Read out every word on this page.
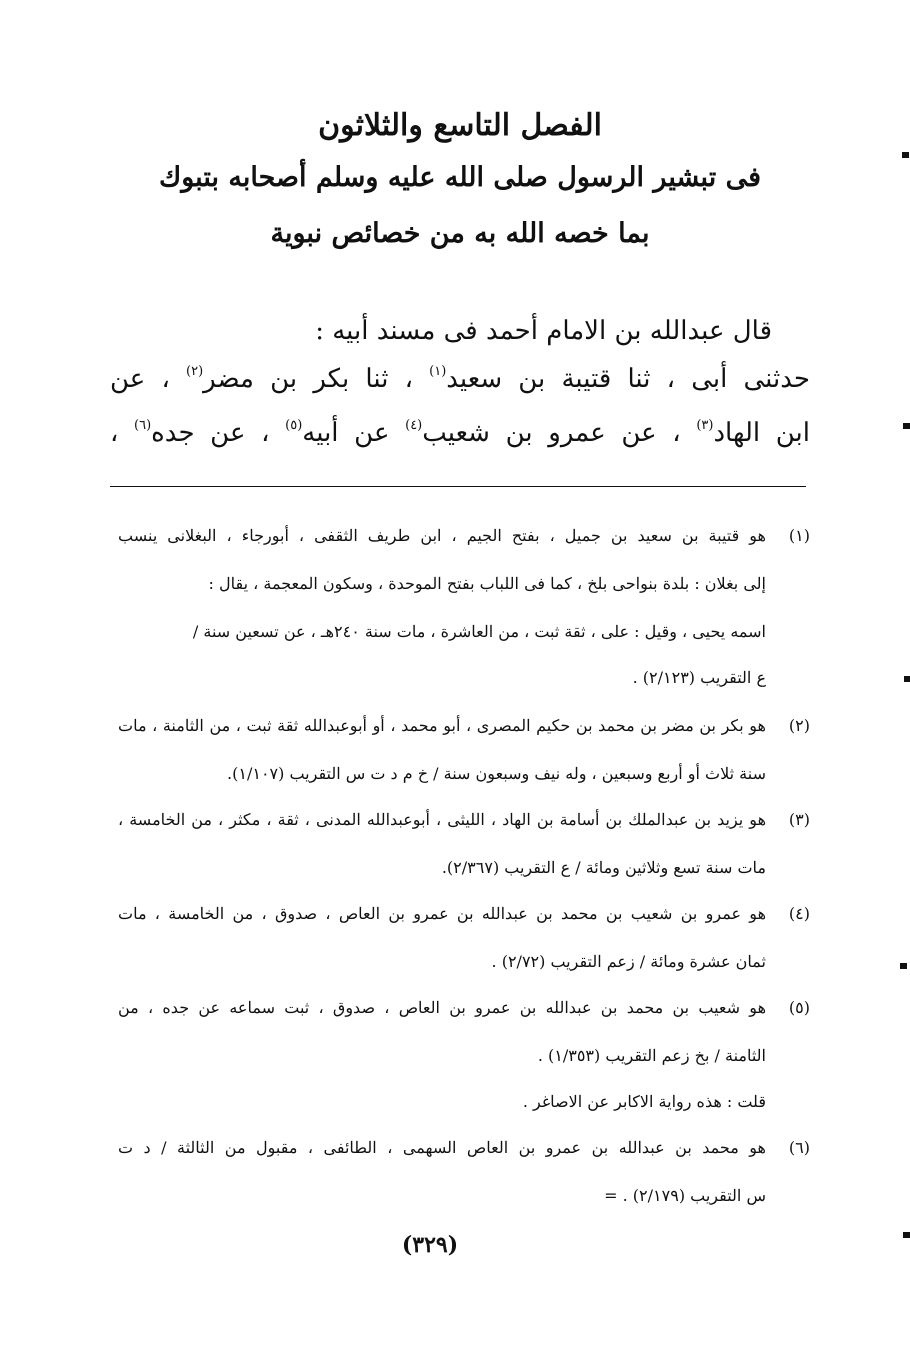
الفصل التاسع والثلاثون
فى تبشير الرسول صلى الله عليه وسلم أصحابه بتبوك
بما خصه الله به من خصائص نبوية
قال عبدالله بن الامام أحمد فى مسند أبيه :
حدثنى أبى ، ثنا قتيبة بن سعيد$^{(١)}$ ، ثنا بكر بن مضر$^{(٢)}$ ، عن
ابن الهاد$^{(٣)}$ ، عن عمرو بن شعيب$^{(٤)}$ عن أبيه$^{(٥)}$ ، عن جده$^{(٦)}$ ،
(١)
هو قتيبة بن سعيد بن جميل ، بفتح الجيم ، ابن طريف الثقفى ، أبورجاء ، البغلانى ينسب
إلى بغلان : بلدة بنواحى بلخ ، كما فى اللباب بفتح الموحدة ، وسكون المعجمة ، يقال :
اسمه يحيى ، وقيل : على ، ثقة ثبت ، من العاشرة ، مات سنة ٢٤٠هـ ، عن تسعين سنة /
ع التقريب (٢/١٢٣) .
(٢)
هو بكر بن مضر بن محمد بن حكيم المصرى ، أبو محمد ، أو أبوعبدالله ثقة ثبت ، من الثامنة ، مات
سنة ثلاث أو أربع وسبعين ، وله نيف وسبعون سنة / خ م د ت س التقريب (١/١٠٧).
(٣)
هو يزيد بن عبدالملك بن أسامة بن الهاد ، الليثى ، أبوعبدالله المدنى ، ثقة ، مكثر ، من الخامسة ،
مات سنة تسع وثلاثين ومائة / ع التقريب (٢/٣٦٧).
(٤)
هو عمرو بن شعيب بن محمد بن عبدالله بن عمرو بن العاص ، صدوق ، من الخامسة ، مات
ثمان عشرة ومائة / زعم التقريب (٢/٧٢) .
(٥)
هو شعيب بن محمد بن عبدالله بن عمرو بن العاص ، صدوق ، ثبت سماعه عن جده ، من
الثامنة / بخ زعم التقريب (١/٣٥٣) .
قلت : هذه رواية الاكابر عن الاصاغر .
(٦)
هو محمد بن عبدالله بن عمرو بن العاص السهمى ، الطائفى ، مقبول من الثالثة / د ت
س التقريب (٢/١٧٩) . =
(٣٢٩)
